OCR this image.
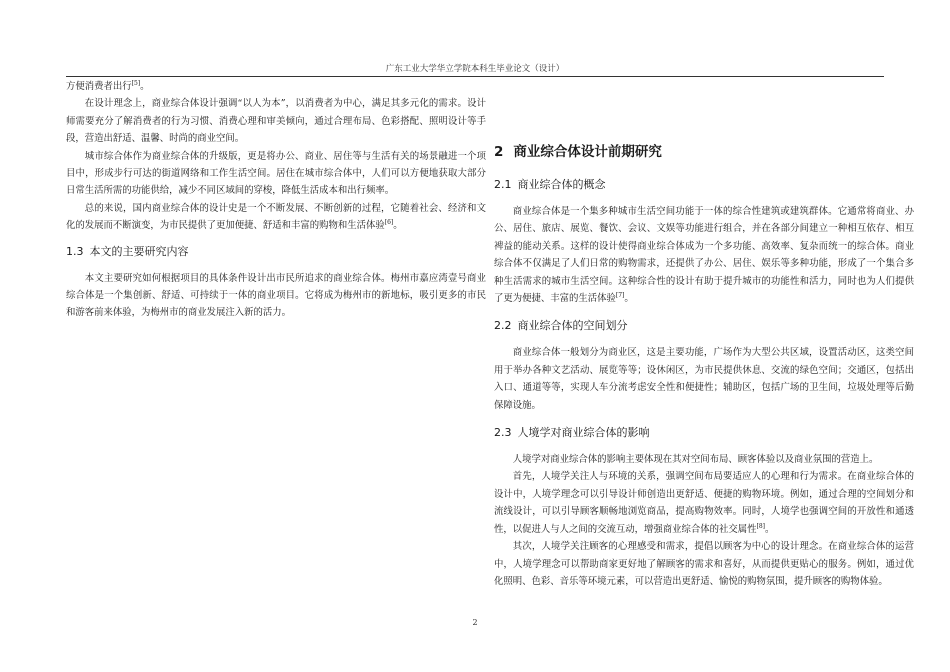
广东工业大学华立学院本科生毕业论文（设计）

方便消费者出行[5]。

在设计理念上，商业综合体设计强调“以人为本”，以消费者为中心，满足其多元化的需求。设计师需要充分了解消费者的行为习惯、消费心理和审美倾向，通过合理布局、色彩搭配、照明设计等手段，营造出舒适、温馨、时尚的商业空间。

城市综合体作为商业综合体的升级版，更是将办公、商业、居住等与生活有关的场景融进一个项目中，形成步行可达的街道网络和工作生活空间。居住在城市综合体中，人们可以方便地获取大部分日常生活所需的功能供给，减少不同区域间的穿梭，降低生活成本和出行频率。

总的来说，国内商业综合体的设计史是一个不断发展、不断创新的过程，它随着社会、经济和文化的发展而不断演变，为市民提供了更加便捷、舒适和丰富的购物和生活体验[6]。

1.3 本文的主要研究内容

本文主要研究如何根据项目的具体条件设计出市民所追求的商业综合体。梅州市嘉应湾壹号商业综合体是一个集创新、舒适、可持续于一体的商业项目。它将成为梅州市的新地标，吸引更多的市民和游客前来体验，为梅州市的商业发展注入新的活力。

2 商业综合体设计前期研究
2.1 商业综合体的概念

商业综合体是一个集多种城市生活空间功能于一体的综合性建筑或建筑群体。它通常将商业、办公、居住、旅店、展览、餐饮、会议、文娱等功能进行组合，并在各部分间建立一种相互依存、相互裨益的能动关系。这样的设计使得商业综合体成为一个多功能、高效率、复杂而统一的综合体。商业综合体不仅满足了人们日常的购物需求，还提供了办公、居住、娱乐等多种功能，形成了一个集合多种生活需求的城市生活空间。这种综合性的设计有助于提升城市的功能性和活力，同时也为人们提供了更为便捷、丰富的生活体验[7]。

2.2 商业综合体的空间划分

商业综合体一般划分为商业区，这是主要功能，广场作为大型公共区域，设置活动区，这类空间用于举办各种文艺活动、展览等等；设休闲区，为市民提供休息、交流的绿色空间；交通区，包括出入口、通道等等，实现人车分流考虑安全性和便捷性；辅助区，包括广场的卫生间，垃圾处理等后勤保障设施。

2.3 人境学对商业综合体的影响

人境学对商业综合体的影响主要体现在其对空间布局、顾客体验以及商业氛围的营造上。

首先，人境学关注人与环境的关系，强调空间布局要适应人的心理和行为需求。在商业综合体的设计中，人境学理念可以引导设计师创造出更舒适、便捷的购物环境。例如，通过合理的空间划分和流线设计，可以引导顾客顺畅地浏览商品，提高购物效率。同时，人境学也强调空间的开放性和通透性，以促进人与人之间的交流互动，增强商业综合体的社交属性[8]。

其次，人境学关注顾客的心理感受和需求，提倡以顾客为中心的设计理念。在商业综合体的运营中，人境学理念可以帮助商家更好地了解顾客的需求和喜好，从而提供更贴心的服务。例如，通过优化照明、色彩、音乐等环境元素，可以营造出更舒适、愉悦的购物氛围，提升顾客的购物体验。

2
